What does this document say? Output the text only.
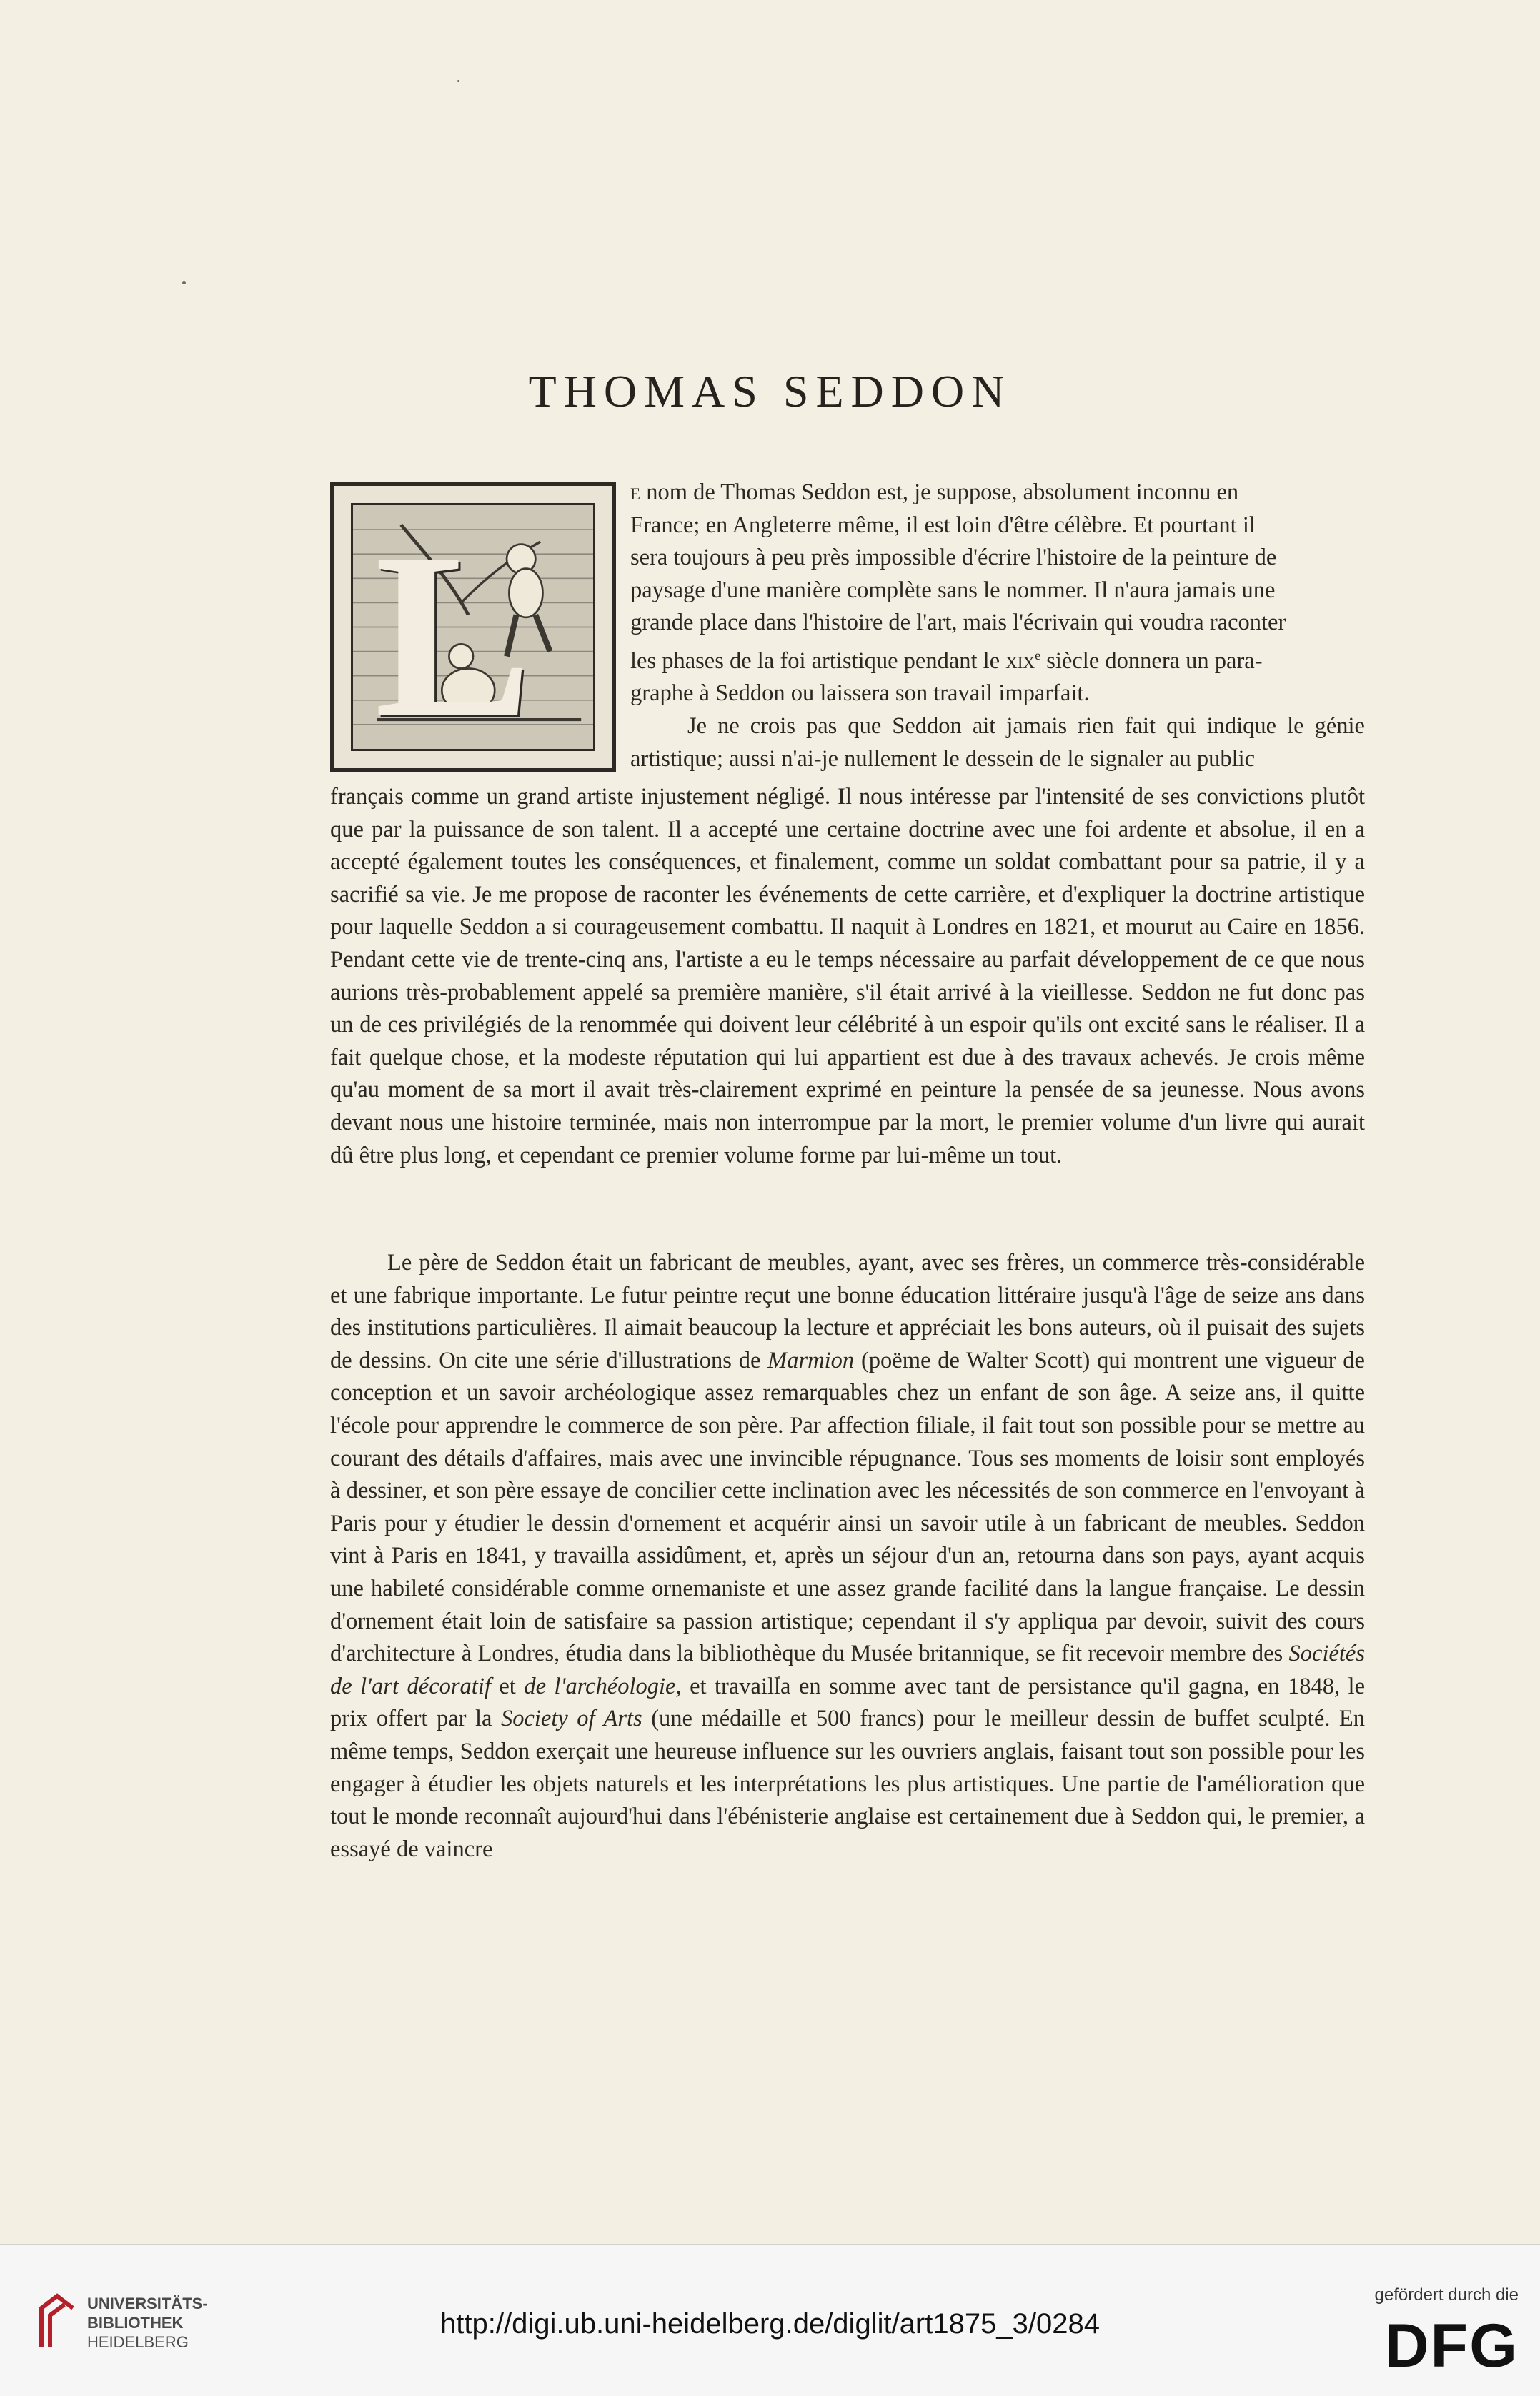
THOMAS SEDDON
L

e nom de Thomas Seddon est, je suppose, absolument inconnu en

France; en Angleterre même, il est loin d'être célèbre. Et pourtant il

sera toujours à peu près impossible d'écrire l'histoire de la peinture de

paysage d'une manière complète sans le nommer. Il n'aura jamais une

grande place dans l'histoire de l'art, mais l'écrivain qui voudra raconter

les phases de la foi artistique pendant le xix$^e$ siècle donnera un para-

graphe à Seddon ou laissera son travail imparfait.

Je ne crois pas que Seddon ait jamais rien fait qui indique le génie artistique; aussi n'ai-je nullement le dessein de le signaler au public

français comme un grand artiste injustement négligé. Il nous intéresse par l'intensité de ses convictions plutôt que par la puissance de son talent. Il a accepté une certaine doctrine avec une foi ardente et absolue, il en a accepté également toutes les conséquences, et finalement, comme un soldat combattant pour sa patrie, il y a sacrifié sa vie. Je me propose de raconter les événements de cette carrière, et d'expliquer la doctrine artistique pour laquelle Seddon a si courageusement combattu. Il naquit à Londres en 1821, et mourut au Caire en 1856. Pendant cette vie de trente-cinq ans, l'artiste a eu le temps nécessaire au parfait développement de ce que nous aurions très-probablement appelé sa première manière, s'il était arrivé à la vieillesse. Seddon ne fut donc pas un de ces privilégiés de la renommée qui doivent leur célébrité à un espoir qu'ils ont excité sans le réaliser. Il a fait quelque chose, et la modeste réputation qui lui appartient est due à des travaux achevés. Je crois même qu'au moment de sa mort il avait très-clairement exprimé en peinture la pensée de sa jeunesse. Nous avons devant nous une histoire terminée, mais non interrompue par la mort, le premier volume d'un livre qui aurait dû être plus long, et cependant ce premier volume forme par lui-même un tout.

Le père de Seddon était un fabricant de meubles, ayant, avec ses frères, un commerce très-considérable et une fabrique importante. Le futur peintre reçut une bonne éducation littéraire jusqu'à l'âge de seize ans dans des institutions particulières. Il aimait beaucoup la lecture et appréciait les bons auteurs, où il puisait des sujets de dessins. On cite une série d'illustrations de Marmion (poëme de Walter Scott) qui montrent une vigueur de conception et un savoir archéologique assez remarquables chez un enfant de son âge. A seize ans, il quitte l'école pour apprendre le commerce de son père. Par affection filiale, il fait tout son possible pour se mettre au courant des détails d'affaires, mais avec une invincible répugnance. Tous ses moments de loisir sont employés à dessiner, et son père essaye de concilier cette inclination avec les nécessités de son commerce en l'envoyant à Paris pour y étudier le dessin d'ornement et acquérir ainsi un savoir utile à un fabricant de meubles. Seddon vint à Paris en 1841, y travailla assidûment, et, après un séjour d'un an, retourna dans son pays, ayant acquis une habileté considérable comme ornemaniste et une assez grande facilité dans la langue française. Le dessin d'ornement était loin de satisfaire sa passion artistique; cependant il s'y appliqua par devoir, suivit des cours d'architecture à Londres, étudia dans la bibliothèque du Musée britannique, se fit recevoir membre des Sociétés de l'art décoratif et de l'archéologie, et travailla en somme avec tant de persistance qu'il gagna, en 1848, le prix offert par la Society of Arts (une médaille et 500 francs) pour le meilleur dessin de buffet sculpté. En même temps, Seddon exerçait une heureuse influence sur les ouvriers anglais, faisant tout son possible pour les engager à étudier les objets naturels et les interprétations les plus artistiques. Une partie de l'amélioration que tout le monde reconnaît aujourd'hui dans l'ébénisterie anglaise est certainement due à Seddon qui, le premier, a essayé de vaincre

UNIVERSITÄTS-
BIBLIOTHEK
HEIDELBERG
http://digi.ub.uni-heidelberg.de/diglit/art1875_3/0284
gefördert durch die
DFG
